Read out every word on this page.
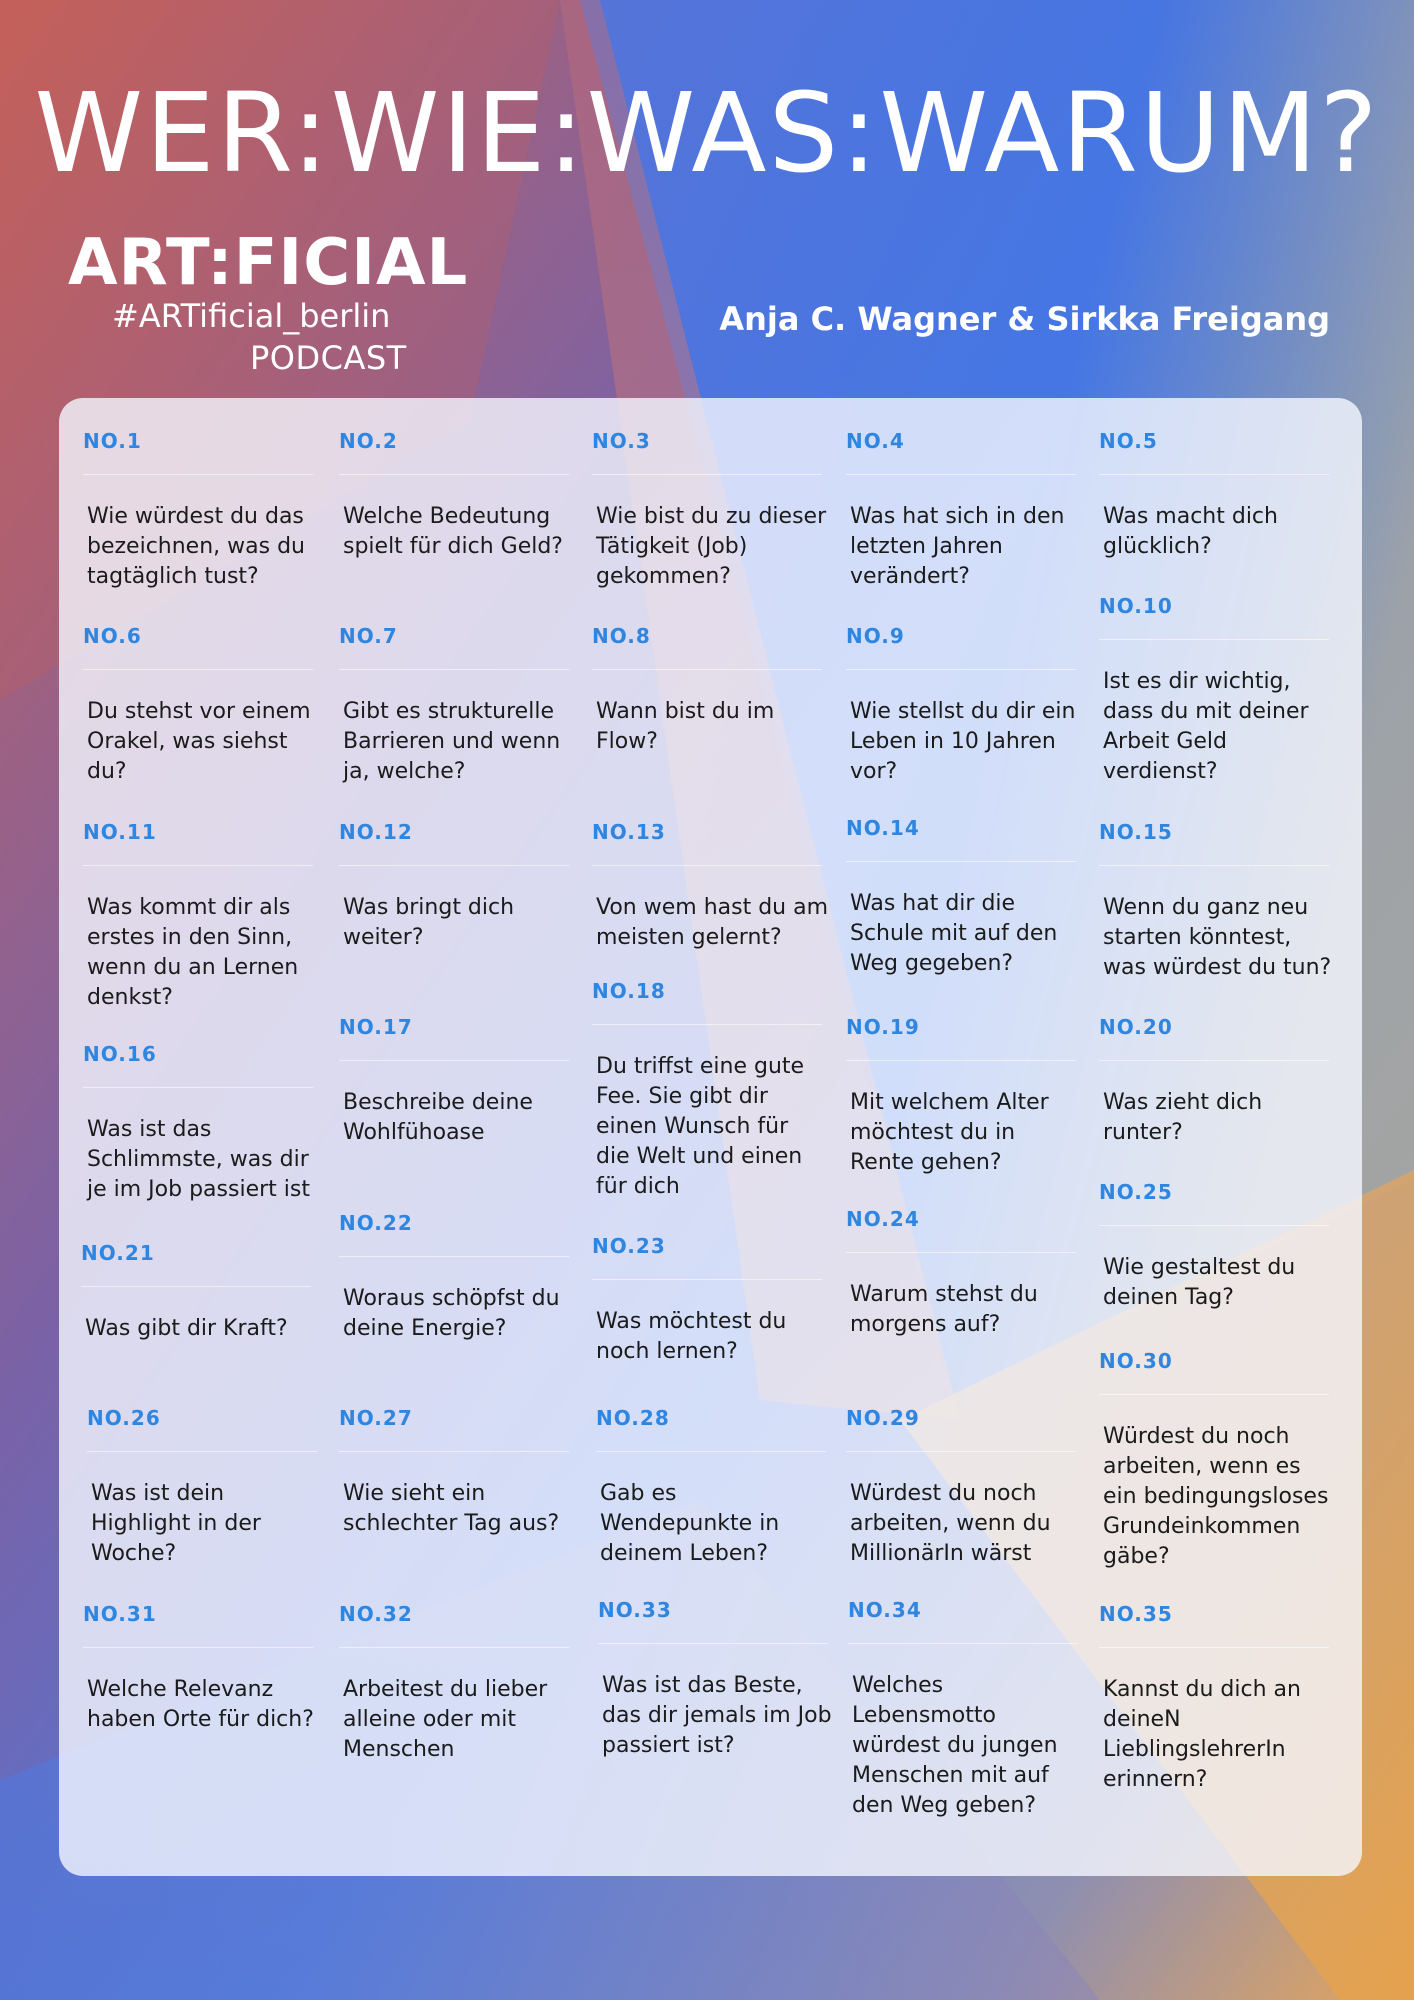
WER:WIE:WAS:WARUM?
ART:FICIAL
#ARTificial_berlin
PODCAST
Anja C. Wagner & Sirkka Freigang
NO.1
Wie würdest du das bezeichnen, was du tagtäglich tust?
NO.2
Welche Bedeutung spielt für dich Geld?
NO.3
Wie bist du zu dieser Tätigkeit (Job) gekommen?
NO.4
Was hat sich in den letzten Jahren verändert?
NO.5
Was macht dich glücklich?
NO.6
Du stehst vor einem Orakel, was siehst du?
NO.7
Gibt es strukturelle Barrieren und wenn ja, welche?
NO.8
Wann bist du im Flow?
NO.9
Wie stellst du dir ein Leben in 10 Jahren vor?
NO.10
Ist es dir wichtig, dass du mit deiner Arbeit Geld verdienst?
NO.11
Was kommt dir als erstes in den Sinn, wenn du an Lernen denkst?
NO.12
Was bringt dich weiter?
NO.13
Von wem hast du am meisten gelernt?
NO.14
Was hat dir die Schule mit auf den Weg gegeben?
NO.15
Wenn du ganz neu starten könntest, was würdest du tun?
NO.16
Was ist das Schlimmste, was dir je im Job passiert ist
NO.17
Beschreibe deine Wohlfühoase
NO.18
Du triffst eine gute Fee. Sie gibt dir einen Wunsch für die Welt und einen für dich
NO.19
Mit welchem Alter möchtest du in Rente gehen?
NO.20
Was zieht dich runter?
NO.21
Was gibt dir Kraft?
NO.22
Woraus schöpfst du deine Energie?
NO.23
Was möchtest du noch lernen?
NO.24
Warum stehst du morgens auf?
NO.25
Wie gestaltest du deinen Tag?
NO.26
Was ist dein Highlight in der Woche?
NO.27
Wie sieht ein schlechter Tag aus?
NO.28
Gab es Wendepunkte in deinem Leben?
NO.29
Würdest du noch arbeiten, wenn du MillionärIn wärst
NO.30
Würdest du noch arbeiten, wenn es ein bedingungsloses Grundeinkommen gäbe?
NO.31
Welche Relevanz haben Orte für dich?
NO.32
Arbeitest du lieber alleine oder mit Menschen
NO.33
Was ist das Beste, das dir jemals im Job passiert ist?
NO.34
Welches Lebensmotto würdest du jungen Menschen mit auf den Weg geben?
NO.35
Kannst du dich an deineN LieblingslehrerIn erinnern?
